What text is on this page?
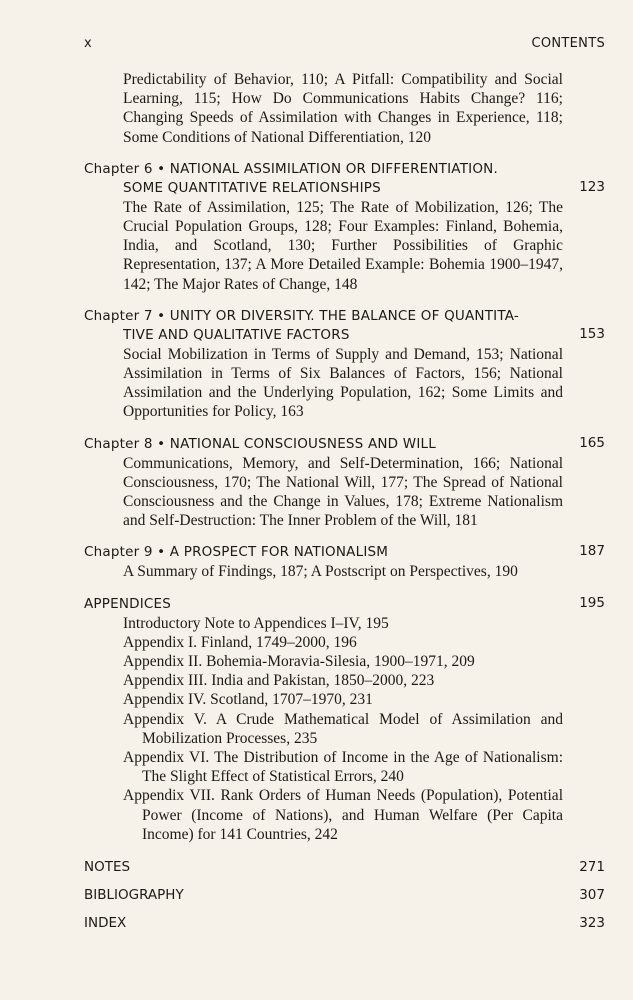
x	CONTENTS
Predictability of Behavior, 110; A Pitfall: Compatibility and Social Learning, 115; How Do Communications Habits Change? 116; Changing Speeds of Assimilation with Changes in Experience, 118; Some Conditions of National Differentiation, 120
Chapter 6 • NATIONAL ASSIMILATION OR DIFFERENTIATION.
SOME QUANTITATIVE RELATIONSHIPS	123
The Rate of Assimilation, 125; The Rate of Mobilization, 126; The Crucial Population Groups, 128; Four Examples: Finland, Bohemia, India, and Scotland, 130; Further Possibilities of Graphic Representation, 137; A More Detailed Example: Bohemia 1900–1947, 142; The Major Rates of Change, 148
Chapter 7 • UNITY OR DIVERSITY. THE BALANCE OF QUANTITA-
TIVE AND QUALITATIVE FACTORS	153
Social Mobilization in Terms of Supply and Demand, 153; National Assimilation in Terms of Six Balances of Factors, 156; National Assimilation and the Underlying Population, 162; Some Limits and Opportunities for Policy, 163
Chapter 8 • NATIONAL CONSCIOUSNESS AND WILL	165
Communications, Memory, and Self-Determination, 166; National Consciousness, 170; The National Will, 177; The Spread of National Consciousness and the Change in Values, 178; Extreme Nationalism and Self-Destruction: The Inner Problem of the Will, 181
Chapter 9 • A PROSPECT FOR NATIONALISM	187
A Summary of Findings, 187; A Postscript on Perspectives, 190
APPENDICES	195
Introductory Note to Appendices I–IV, 195
Appendix I. Finland, 1749–2000, 196
Appendix II. Bohemia-Moravia-Silesia, 1900–1971, 209
Appendix III. India and Pakistan, 1850–2000, 223
Appendix IV. Scotland, 1707–1970, 231
Appendix V. A Crude Mathematical Model of Assimilation and Mobilization Processes, 235
Appendix VI. The Distribution of Income in the Age of Nationalism: The Slight Effect of Statistical Errors, 240
Appendix VII. Rank Orders of Human Needs (Population), Potential Power (Income of Nations), and Human Welfare (Per Capita Income) for 141 Countries, 242
NOTES	271
BIBLIOGRAPHY	307
INDEX	323
